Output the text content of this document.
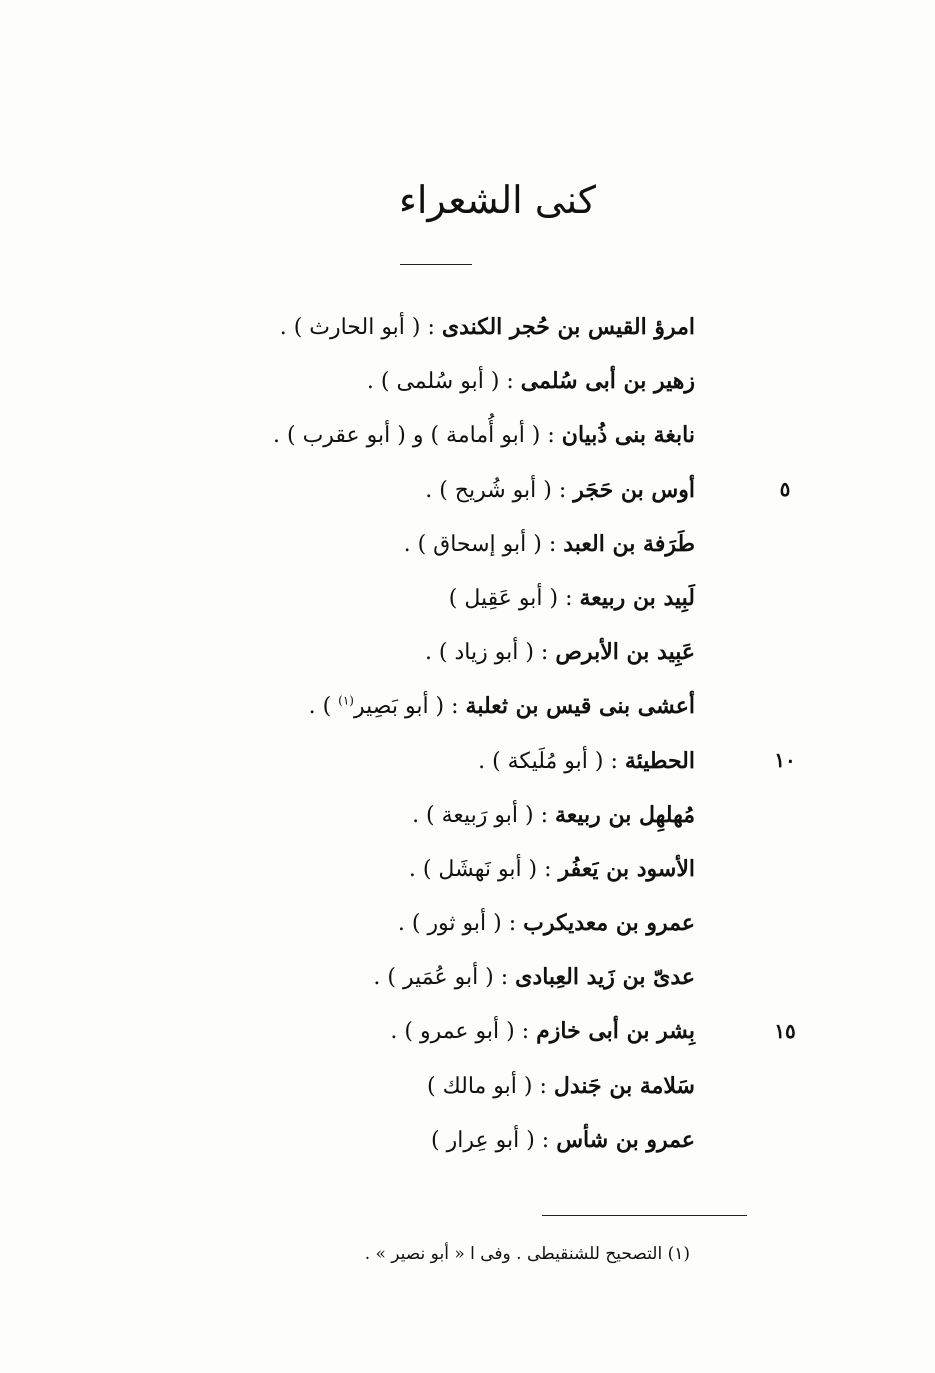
كنى الشعراء
امرؤ القيس بن حُجر الكندى : ( أبو الحارث ) .
زهير بن أبى سُلمى : ( أبو سُلمى ) .
نابغة بنى ذُبيان : ( أبو أُمامة ) و ( أبو عقرب ) .
أوس بن حَجَر : ( أبو شُريح ) .
طَرَفة بن العبد : ( أبو إسحاق ) .
لَبِيد بن ربيعة : ( أبو عَقِيل )
عَبِيد بن الأبرص : ( أبو زياد ) .
أعشى بنى قيس بن ثعلبة : ( أبو بَصِير$^{(١)}$ ) .
الحطيئة : ( أبو مُلَيكة ) .
مُهلهِل بن ربيعة : ( أبو رَبيعة ) .
الأسود بن يَعفُر : ( أبو نَهشَل ) .
عمرو بن معديكرب : ( أبو ثور ) .
عدىّ بن زَيد العِبادى : ( أبو عُمَير ) .
بِشر بن أبى خازم : ( أبو عمرو ) .
سَلامة بن جَندل : ( أبو مالك )
عمرو بن شأس : ( أبو عِرار )
٥
١٠
١٥
(١) التصحيح للشنقيطى . وفى ا « أبو نصير » .
